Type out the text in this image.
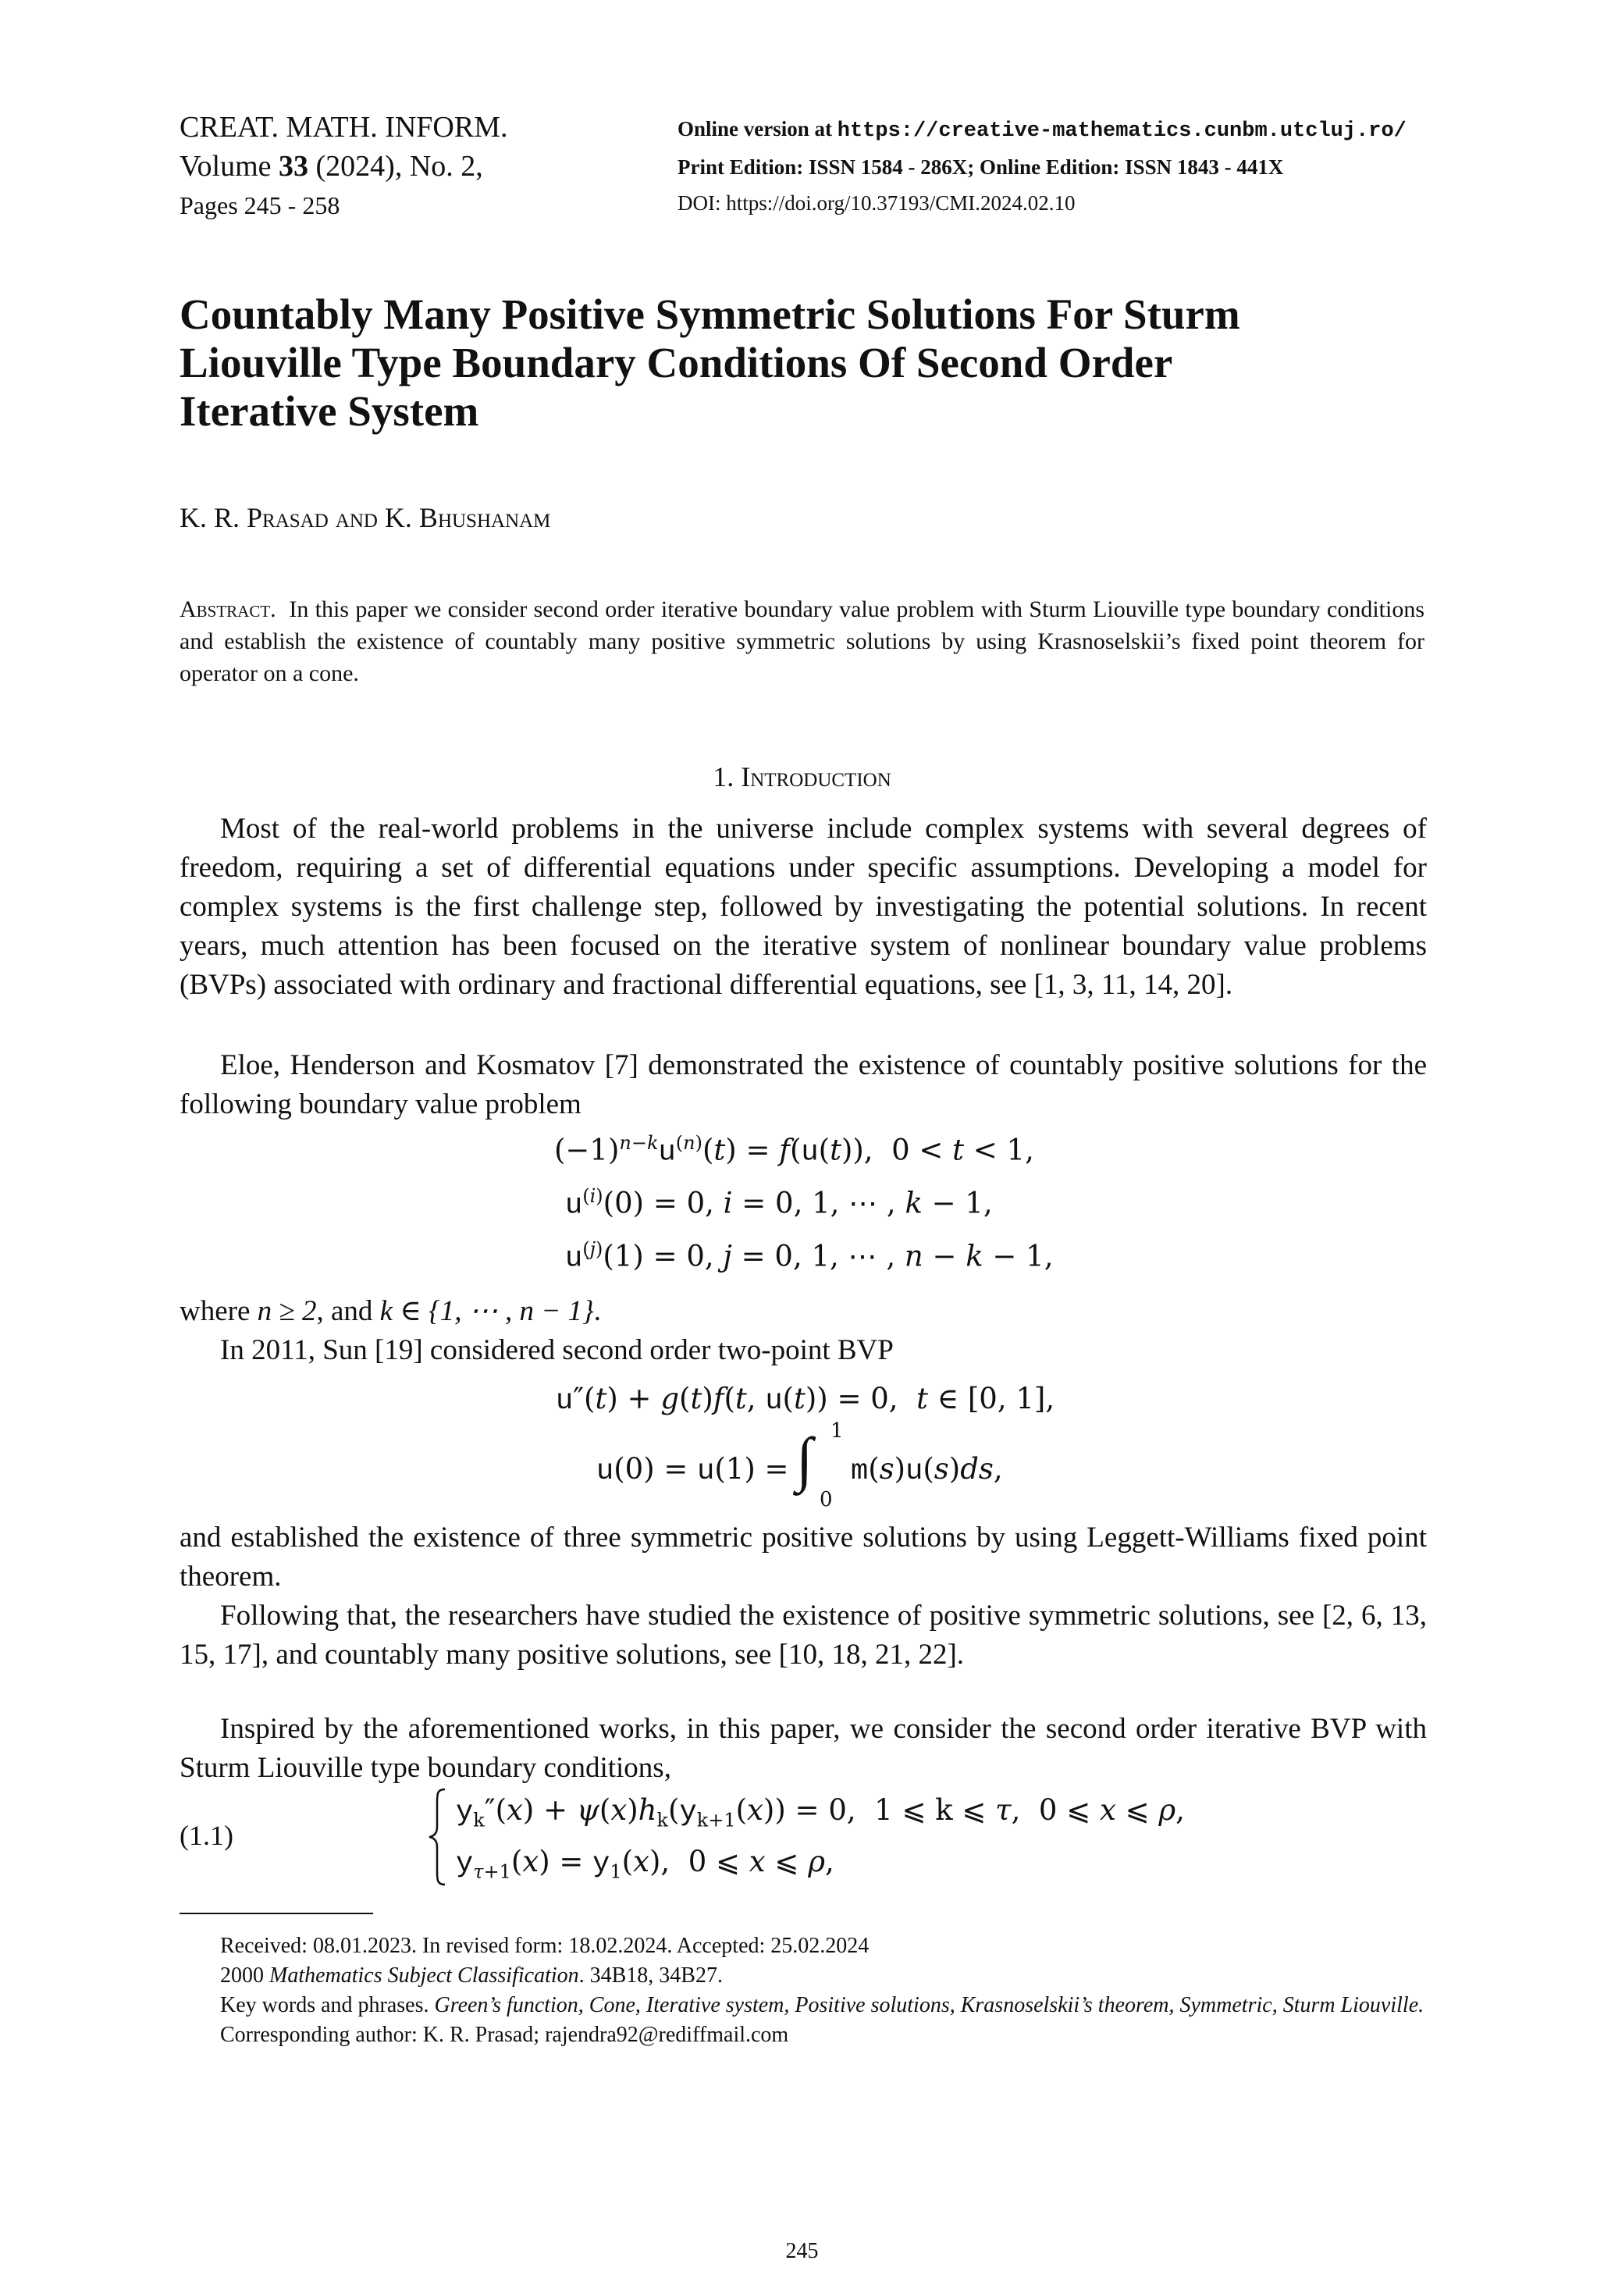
CREAT. MATH. INFORM.
Volume 33 (2024), No. 2,
Pages 245 - 258
Online version at https://creative-mathematics.cunbm.utcluj.ro/
Print Edition: ISSN 1584 - 286X; Online Edition: ISSN 1843 - 441X
DOI: https://doi.org/10.37193/CMI.2024.02.10
Countably Many Positive Symmetric Solutions For Sturm
Liouville Type Boundary Conditions Of Second Order
Iterative System
K. R. Prasad and K. Bhushanam
Abstract. In this paper we consider second order iterative boundary value problem with Sturm Liouville type boundary conditions and establish the existence of countably many positive symmetric solutions by using Krasnoselskii’s fixed point theorem for operator on a cone.
1. Introduction
Most of the real-world problems in the universe include complex systems with several degrees of freedom, requiring a set of differential equations under specific assumptions. Developing a model for complex systems is the first challenge step, followed by investigating the potential solutions. In recent years, much attention has been focused on the iterative system of nonlinear boundary value problems (BVPs) associated with ordinary and fractional differential equations, see [1, 3, 11, 14, 20].
Eloe, Henderson and Kosmatov [7] demonstrated the existence of countably positive solutions for the following boundary value problem
$(-1)^{n-k}u^{(n)}(t) = f(u(t))$,  0 < t < 1,
$u^{(i)}(0) = 0$, i = 0, 1, ⋯ , k − 1,
$u^{(j)}(1) = 0$, j = 0, 1, ⋯ , n − k − 1,
where n ≥ 2, and k ∈ {1, ⋯ , n − 1}.
In 2011, Sun [19] considered second order two-point BVP
u″(t) + g(t)f(t, u(t)) = 0,  t ∈ [0, 1],
u(0) = u(1) = ∫ 1
0
m(s)u(s)ds,
and established the existence of three symmetric positive solutions by using Leggett-Williams fixed point theorem.
Following that, the researchers have studied the existence of positive symmetric solutions, see [2, 6, 13, 15, 17], and countably many positive solutions, see [10, 18, 21, 22].
Inspired by the aforementioned works, in this paper, we consider the second order iterative BVP with Sturm Liouville type boundary conditions,
(1.1)
$y_k''(x) + \psi(x)h_k(y_{k+1}(x)) = 0$,  1 ⩽ k ⩽ τ,  0 ⩽ x ⩽ ρ,
$y_{\tau+1}(x) = y_1(x)$,  0 ⩽ x ⩽ ρ,

Received: 08.01.2023. In revised form: 18.02.2024. Accepted: 25.02.2024

2000 Mathematics Subject Classification. 34B18, 34B27.

Key words and phrases. Green’s function, Cone, Iterative system, Positive solutions, Krasnoselskii’s theorem, Symmetric, Sturm Liouville.

Corresponding author: K. R. Prasad; rajendra92@rediffmail.com

245
